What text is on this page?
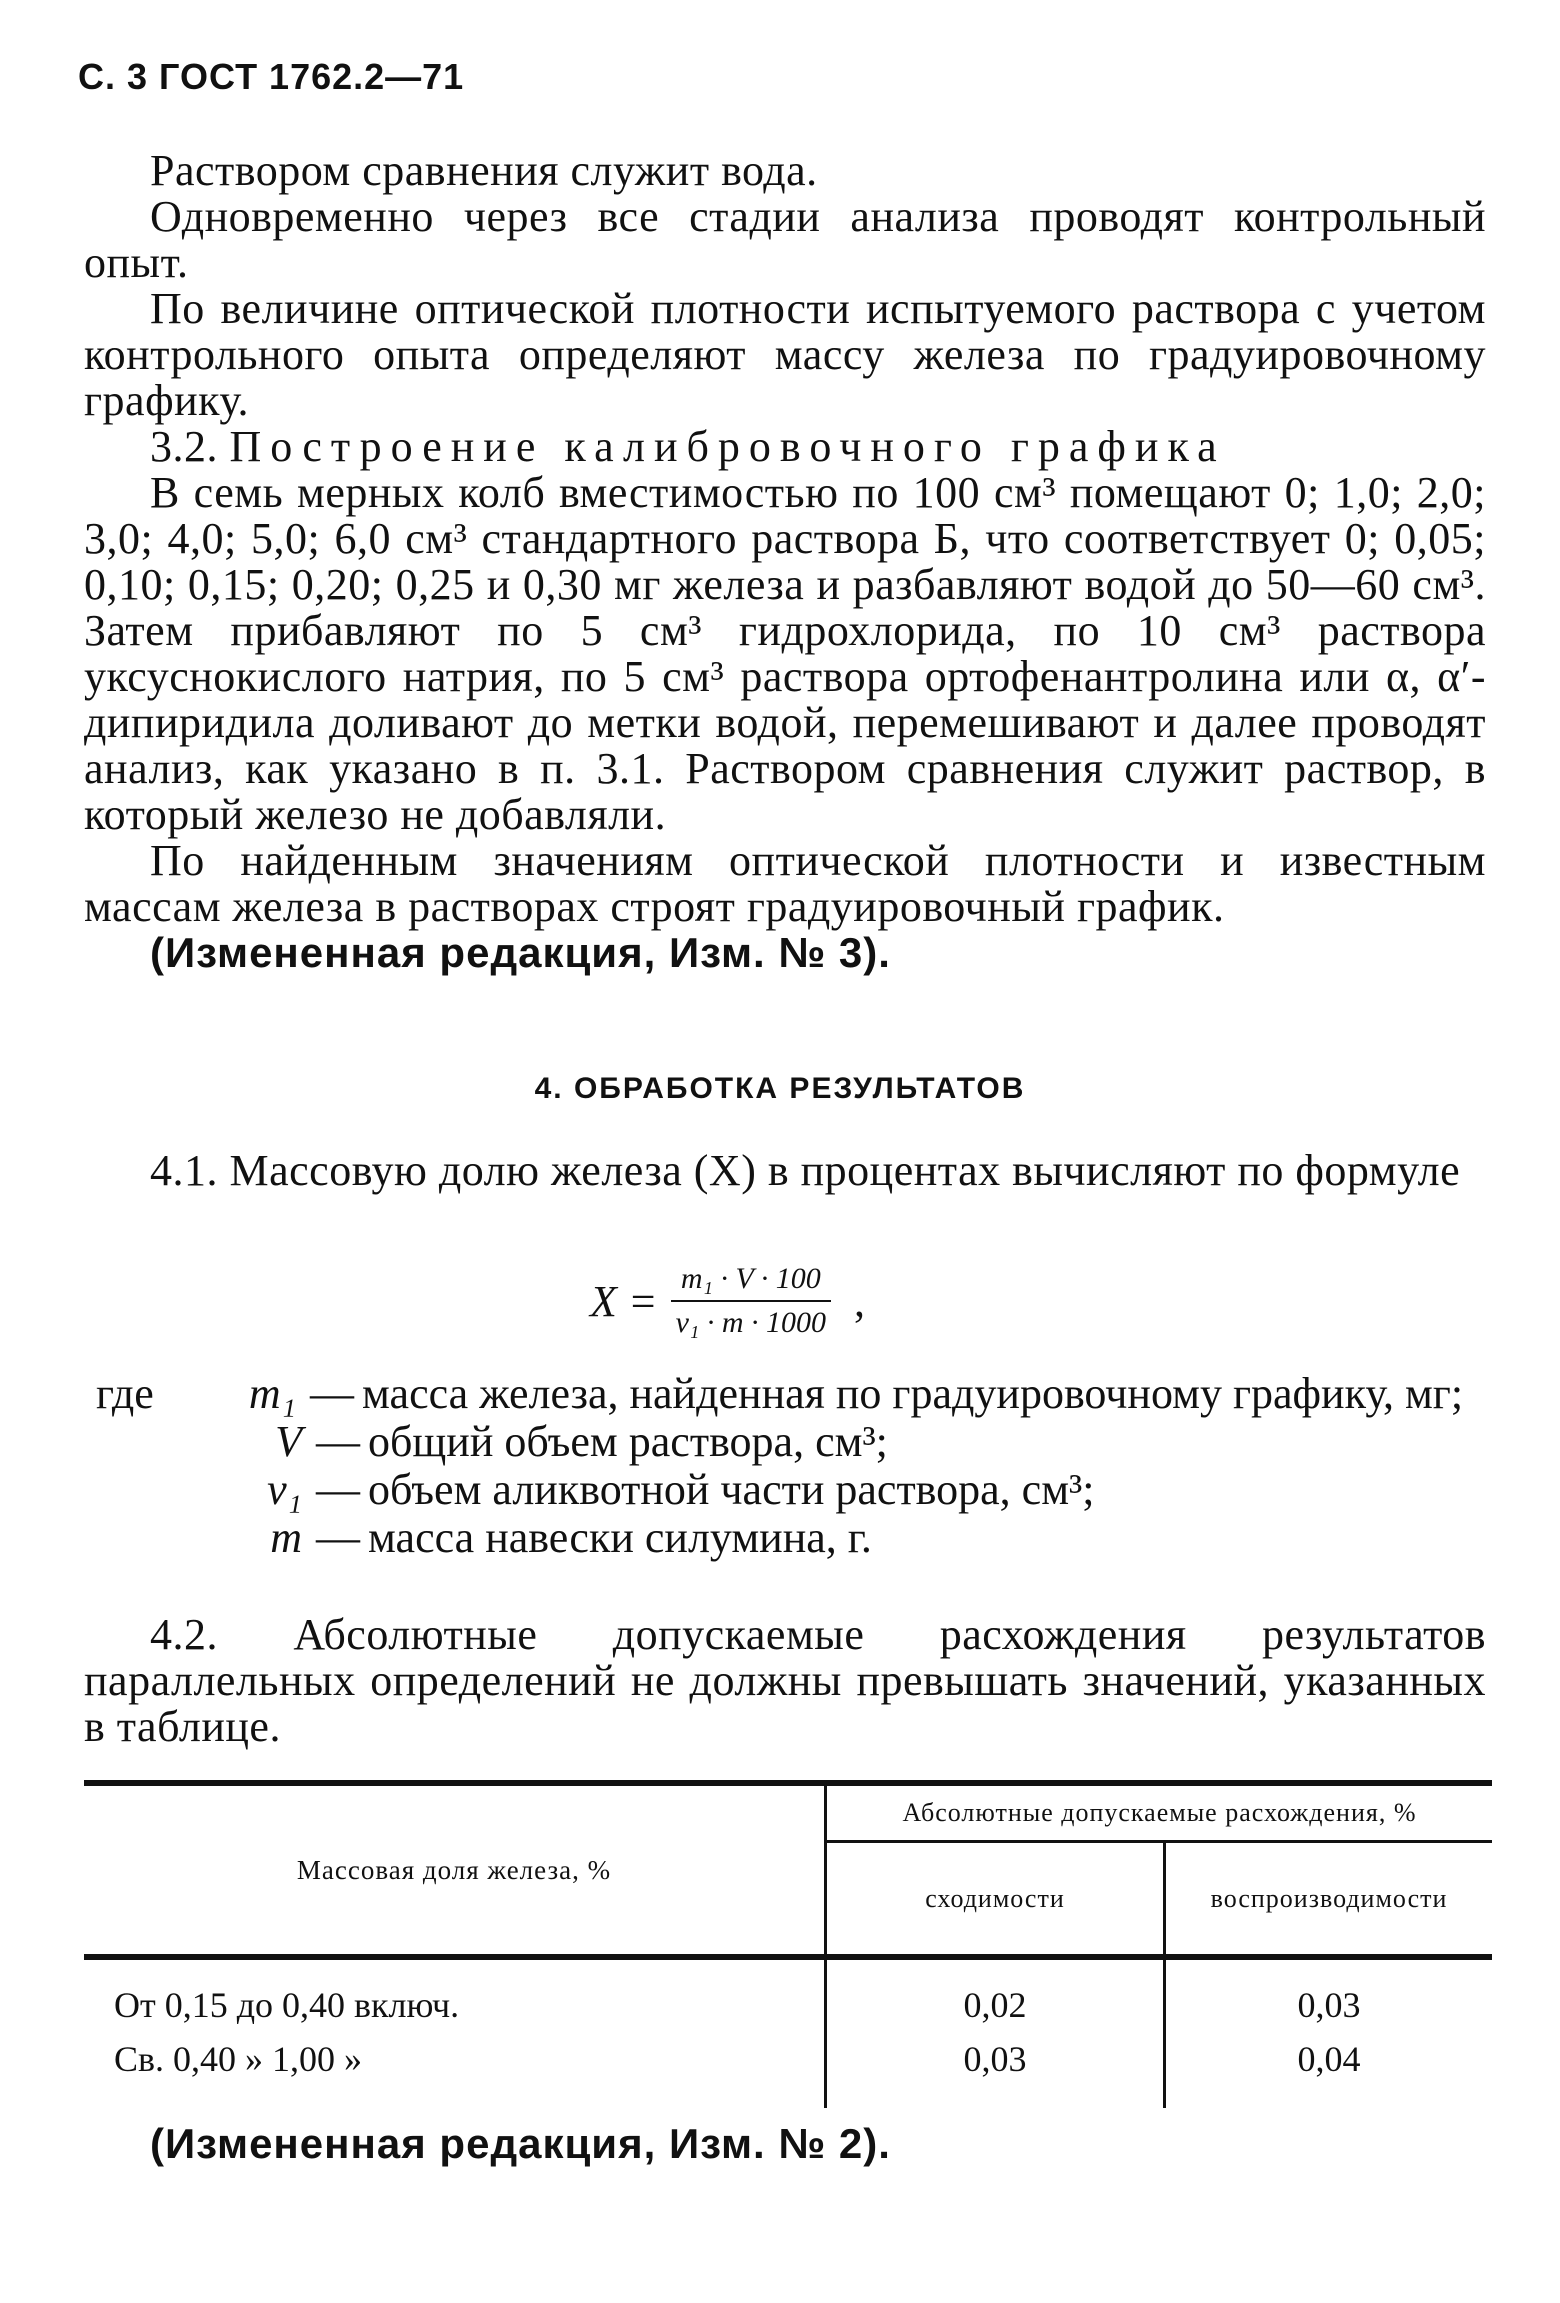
С. 3 ГОСТ 1762.2—71

Раствором сравнения служит вода.

Одновременно через все стадии анализа проводят контрольный опыт.

По величине оптической плотности испытуемого раствора с учетом контрольного опыта определяют массу железа по градуировочному графику.

3.2. Построение калибровочного графика

В семь мерных колб вместимостью по 100 см³ помещают 0; 1,0; 2,0; 3,0; 4,0; 5,0; 6,0 см³ стандартного раствора Б, что соответствует 0; 0,05; 0,10; 0,15; 0,20; 0,25 и 0,30 мг железа и разбавляют водой до 50—60 см³. Затем прибавляют по 5 см³ гидрохлорида, по 10 см³ раствора уксуснокислого натрия, по 5 см³ раствора ортофенантролина или α, α′-дипиридила доливают до метки водой, перемешивают и далее проводят анализ, как указано в п. 3.1. Раствором сравнения служит раствор, в который железо не добавляли.

По найденным значениям оптической плотности и известным массам железа в растворах строят градуировочный график.

(Измененная редакция, Изм. № 3).

4. ОБРАБОТКА РЕЗУЛЬТАТОВ

4.1. Массовую долю железа (X) в процентах вычисляют по формуле

$X = \frac{\text{m₁ · V · 100}}{\text{v₁ · m · 1000}}$ ,
где	m₁ — масса железа, найденная по градуировочному графику, мг;
V — общий объем раствора, см³;
v₁ — объем аликвотной части раствора, см³;
m — масса навески силумина, г.

4.2. Абсолютные допускаемые расхождения результатов параллельных определений не должны превышать значений, указанных в таблице.

Массовая доля железа, %
Абсолютные допускаемые расхождения, %
сходимости	воспроизводимости
От 0,15 до 0,40 включ.
Св. 0,40 » 1,00 »
0,02
0,03
0,03
0,04
(Измененная редакция, Изм. № 2).
